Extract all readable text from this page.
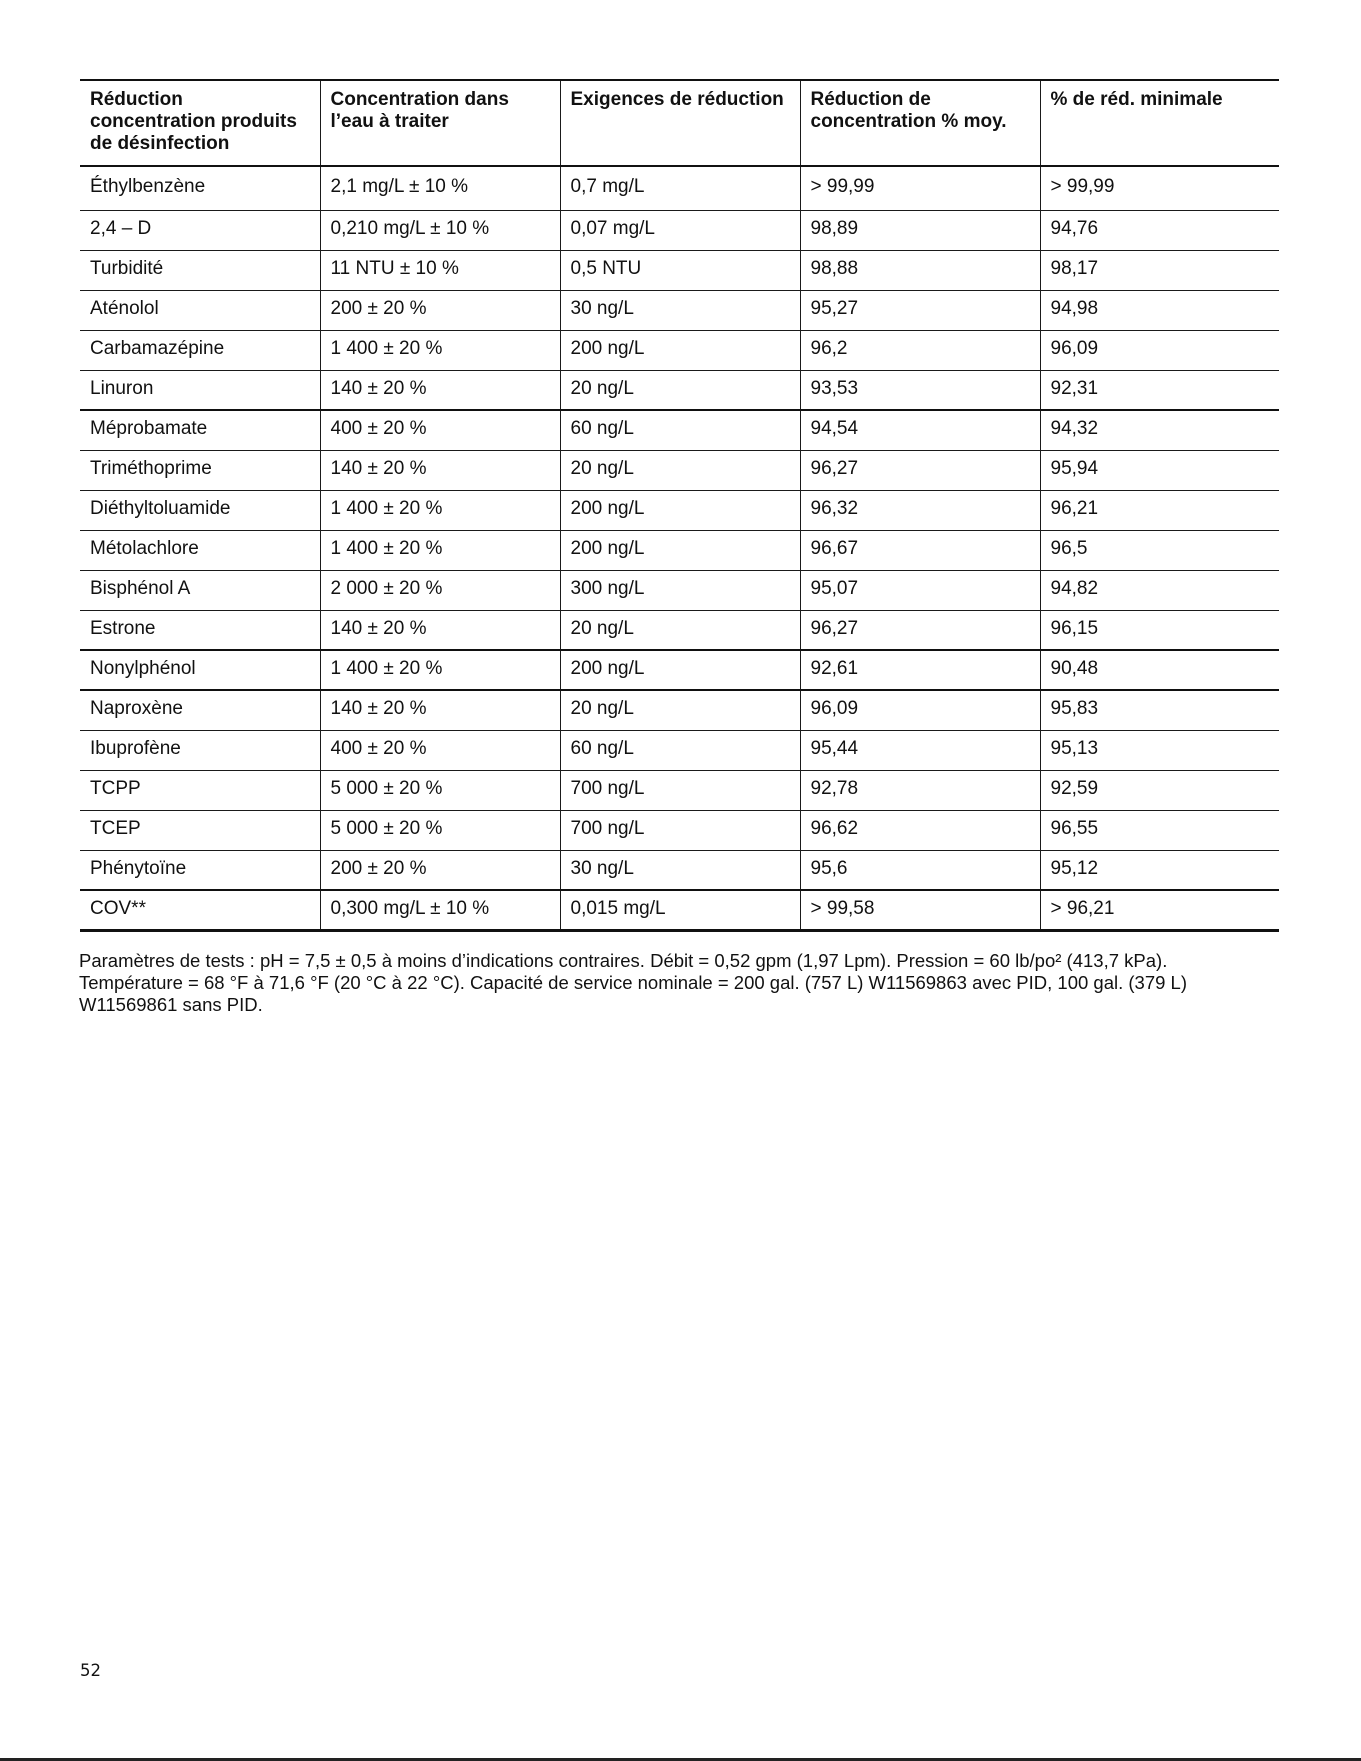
Réduction concentration produits de désinfection	Concentration dans l’eau à traiter	Exigences de réduction	Réduction de concentration % moy.	% de réd. minimale
Éthylbenzène	2,1 mg/L ± 10 %	0,7 mg/L	> 99,99	> 99,99
2,4 – D	0,210 mg/L ± 10 %	0,07 mg/L	98,89	94,76
Turbidité	11 NTU ± 10 %	0,5 NTU	98,88	98,17
Aténolol	200 ± 20 %	30 ng/L	95,27	94,98
Carbamazépine	1 400 ± 20 %	200 ng/L	96,2	96,09
Linuron	140 ± 20 %	20 ng/L	93,53	92,31
Méprobamate	400 ± 20 %	60 ng/L	94,54	94,32
Triméthoprime	140 ± 20 %	20 ng/L	96,27	95,94
Diéthyltoluamide	1 400 ± 20 %	200 ng/L	96,32	96,21
Métolachlore	1 400 ± 20 %	200 ng/L	96,67	96,5
Bisphénol A	2 000 ± 20 %	300 ng/L	95,07	94,82
Estrone	140 ± 20 %	20 ng/L	96,27	96,15
Nonylphénol	1 400 ± 20 %	200 ng/L	92,61	90,48
Naproxène	140 ± 20 %	20 ng/L	96,09	95,83
Ibuprofène	400 ± 20 %	60 ng/L	95,44	95,13
TCPP	5 000 ± 20 %	700 ng/L	92,78	92,59
TCEP	5 000 ± 20 %	700 ng/L	96,62	96,55
Phénytoïne	200 ± 20 %	30 ng/L	95,6	95,12
COV**	0,300 mg/L ± 10 %	0,015 mg/L	> 99,58	> 96,21
Paramètres de tests : pH = 7,5 ± 0,5 à moins d’indications contraires. Débit = 0,52 gpm (1,97 Lpm). Pression = 60 lb/po² (413,7 kPa).
Température = 68 °F à 71,6 °F (20 °C à 22 °C). Capacité de service nominale = 200 gal. (757 L) W11569863 avec PID, 100 gal. (379 L)
W11569861 sans PID.
52
